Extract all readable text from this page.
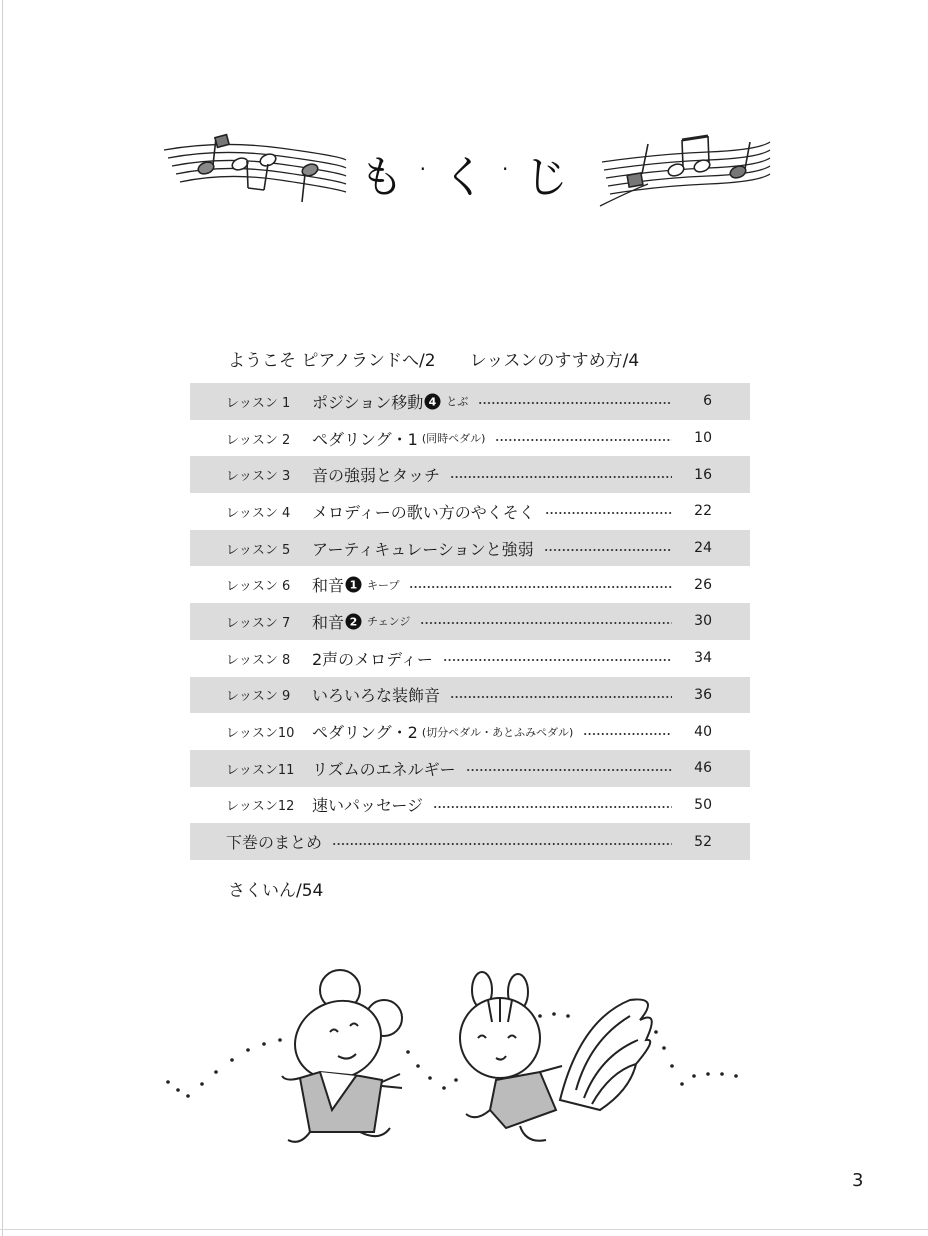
も · く · じ
ようこそ ピアノランドへ/2 レッスンのすすめ方/4
レッスン 1	ポジション移動 4 とぶ	6
レッスン 2	ペダリング・1 (同時ペダル)	10
レッスン 3	音の強弱とタッチ	16
レッスン 4	メロディーの歌い方のやくそく	22
レッスン 5	アーティキュレーションと強弱	24
レッスン 6	和音 1 キープ	26
レッスン 7	和音 2 チェンジ	30
レッスン 8	2声のメロディー	34
レッスン 9	いろいろな装飾音	36
レッスン10	ペダリング・2 (切分ペダル・あとふみペダル)	40
レッスン11	リズムのエネルギー	46
レッスン12	速いパッセージ	50
下巻のまとめ	52
さくいん/54
3
